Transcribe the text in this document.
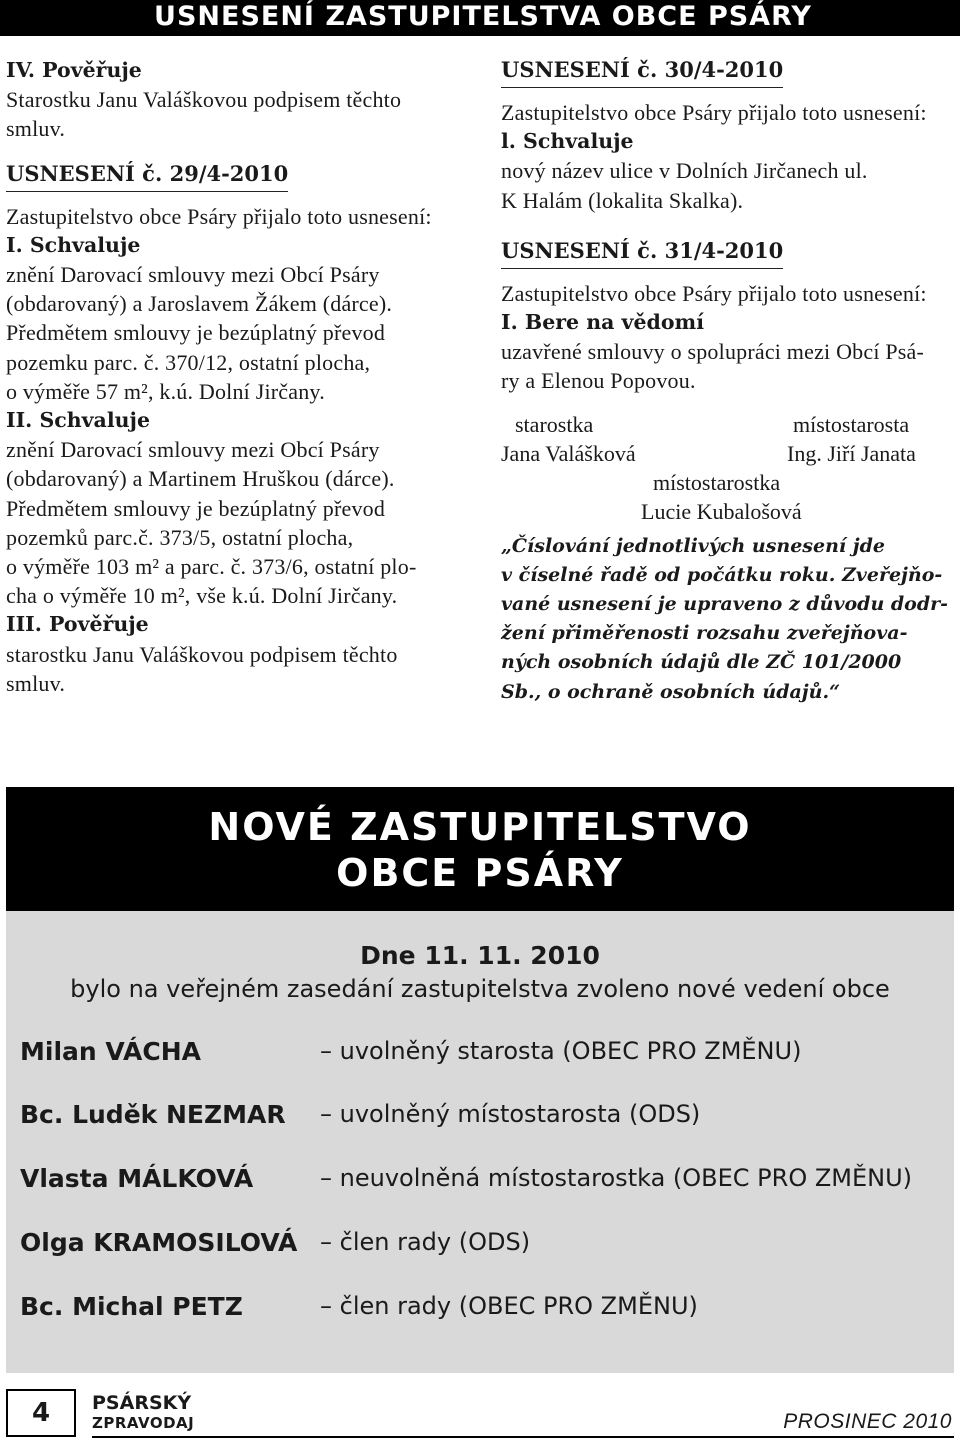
USNESENÍ ZASTUPITELSTVA OBCE PSÁRY

IV. Pověřuje

Starostku Janu Valáškovou podpisem těchto

smluv.

USNESENÍ č. 29/4-2010

Zastupitelstvo obce Psáry přijalo toto usnesení:

I. Schvaluje

znění Darovací smlouvy mezi Obcí Psáry

(obdarovaný) a Jaroslavem Žákem (dárce).

Předmětem smlouvy je bezúplatný převod

pozemku parc. č. 370/12, ostatní plocha,

o výměře 57 m², k.ú. Dolní Jirčany.

II. Schvaluje

znění Darovací smlouvy mezi Obcí Psáry

(obdarovaný) a Martinem Hruškou (dárce).

Předmětem smlouvy je bezúplatný převod

pozemků parc.č. 373/5, ostatní plocha,

o výměře 103 m² a parc. č. 373/6, ostatní plo-

cha o výměře 10 m², vše k.ú. Dolní Jirčany.

III. Pověřuje

starostku Janu Valáškovou podpisem těchto

smluv.

USNESENÍ č. 30/4-2010

Zastupitelstvo obce Psáry přijalo toto usnesení:

l. Schvaluje

nový název ulice v Dolních Jirčanech ul.

K Halám (lokalita Skalka).

USNESENÍ č. 31/4-2010

Zastupitelstvo obce Psáry přijalo toto usnesení:

I. Bere na vědomí

uzavřené smlouvy o spolupráci mezi Obcí Psá-

ry a Elenou Popovou.

starostka	místostarosta
Jana Valášková	Ing. Jiří Janata
místostarostka
Lucie Kubalošová

„Číslování jednotlivých usnesení jde

v číselné řadě od počátku roku. Zveřejňo-

vané usnesení je upraveno z důvodu dodr-

žení přiměřenosti rozsahu zveřejňova-

ných osobních údajů dle ZČ 101/2000

Sb., o ochraně osobních údajů.“

NOVÉ ZASTUPITELSTVO
OBCE PSÁRY
Dne 11. 11. 2010
bylo na veřejném zasedání zastupitelstva zvoleno nové vedení obce
Milan VÁCHA	– uvolněný starosta (OBEC PRO ZMĚNU)
Bc. Luděk NEZMAR – uvolněný místostarosta (ODS)
Vlasta MÁLKOVÁ	– neuvolněná místostarostka (OBEC PRO ZMĚNU)
Olga KRAMOSILOVÁ – člen rady (ODS)
Bc. Michal PETZ	– člen rady (OBEC PRO ZMĚNU)
4	PSÁRSKÝ
ZPRAVODAJ	PROSINEC 2010
